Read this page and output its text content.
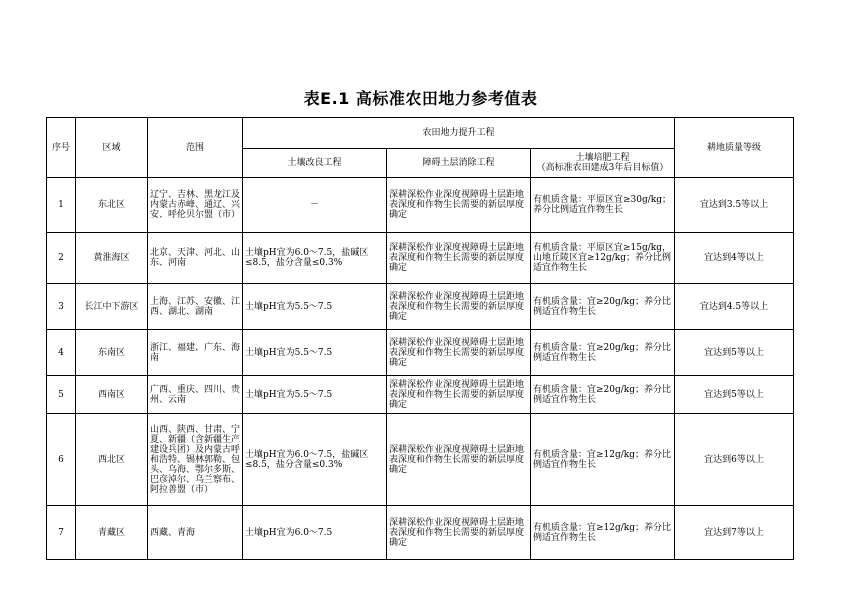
表E.1 高标准农田地力参考值表
序号	区域	范围	农田地力提升工程			耕地质量等级
			土壤改良工程	障碍土层消除工程	土壤培肥工程
（高标准农田建成3年后目标值）	

1	东北区	辽宁、吉林、黑龙江及内蒙古赤峰、通辽、兴安、呼伦贝尔盟（市）	－	深耕深松作业深度视障碍土层距地表深度和作物生长需要的新层厚度确定	有机质含量：平原区宜≥30g/kg；养分比例适宜作物生长	宜达到3.5等以上
2	黄淮海区	北京、天津、河北、山东、河南	土壤pH宜为6.0～7.5，盐碱区≤8.5，盐分含量≤0.3%	深耕深松作业深度视障碍土层距地表深度和作物生长需要的新层厚度确定	有机质含量：平原区宜≥15g/kg，山地丘陵区宜≥12g/kg；养分比例适宜作物生长	宜达到4等以上
3	长江中下游区	上海、江苏、安徽、江西、湖北、湖南	土壤pH宜为5.5～7.5	深耕深松作业深度视障碍土层距地表深度和作物生长需要的新层厚度确定	有机质含量：宜≥20g/kg；养分比例适宜作物生长	宜达到4.5等以上
4	东南区	浙江、福建、广东、海南	土壤pH宜为5.5～7.5	深耕深松作业深度视障碍土层距地表深度和作物生长需要的新层厚度确定	有机质含量：宜≥20g/kg；养分比例适宜作物生长	宜达到5等以上
5	西南区	广西、重庆、四川、贵州、云南	土壤pH宜为5.5～7.5	深耕深松作业深度视障碍土层距地表深度和作物生长需要的新层厚度确定	有机质含量：宜≥20g/kg；养分比例适宜作物生长	宜达到5等以上
6	西北区	山西、陕西、甘肃、宁夏、新疆（含新疆生产建设兵团）及内蒙古呼和浩特、锡林郭勒、包头、乌海、鄂尔多斯、巴彦淖尔、乌兰察布、阿拉善盟（市）	土壤pH宜为6.0～7.5，盐碱区≤8.5，盐分含量≤0.3%	深耕深松作业深度视障碍土层距地表深度和作物生长需要的新层厚度确定	有机质含量：宜≥12g/kg；养分比例适宜作物生长	宜达到6等以上
7	青藏区	西藏、青海	土壤pH宜为6.0～7.5	深耕深松作业深度视障碍土层距地表深度和作物生长需要的新层厚度确定	有机质含量：宜≥12g/kg；养分比例适宜作物生长	宜达到7等以上
